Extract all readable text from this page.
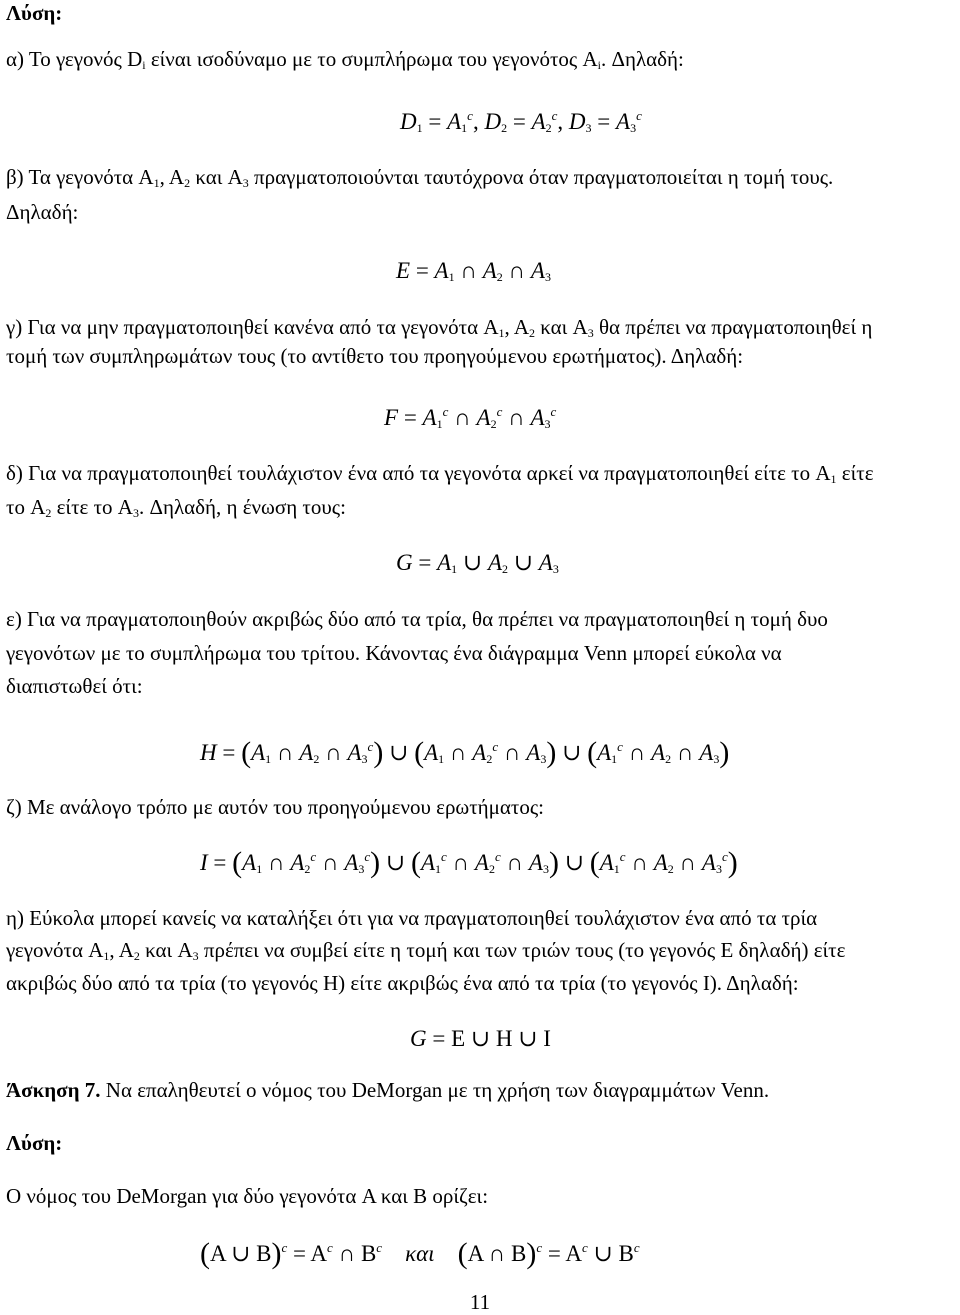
Λύση:
α) Το γεγονός $D_i$ είναι ισοδύναμο με το συμπλήρωμα του γεγονότος $A_i$. Δηλαδή:
$D_1 = A_1^c$, $D_2 = A_2^c$, $D_3 = A_3^c$
β) Τα γεγονότα $A_1$, $A_2$ και $A_3$ πραγματοποιούνται ταυτόχρονα όταν πραγματοποιείται η τομή τους.
Δηλαδή:
$E = A_1$ ∩ $A_2$ ∩ $A_3$
γ) Για να μην πραγματοποιηθεί κανένα από τα γεγονότα $A_1$, $A_2$ και $A_3$ θα πρέπει να πραγματοποιηθεί η
τομή των συμπληρωμάτων τους (το αντίθετο του προηγούμενου ερωτήματος). Δηλαδή:
$F = A_1^c$ ∩ $A_2^c$ ∩ $A_3^c$
δ) Για να πραγματοποιηθεί τουλάχιστον ένα από τα γεγονότα αρκεί να πραγματοποιηθεί είτε το $A_1$ είτε
το $A_2$ είτε το $A_3$. Δηλαδή, η ένωση τους:
$G = A_1$ ∪ $A_2$ ∪ $A_3$
ε) Για να πραγματοποιηθούν ακριβώς δύο από τα τρία, θα πρέπει να πραγματοποιηθεί η τομή δυο
γεγονότων με το συμπλήρωμα του τρίτου. Κάνοντας ένα διάγραμμα Venn μπορεί εύκολα να
διαπιστωθεί ότι:
$H = (A_1$ ∩ $A_2$ ∩ $A_3^c$) ∪ ($A_1$ ∩ $A_2^c$ ∩ $A_3$) ∪ ($A_1^c$ ∩ $A_2$ ∩ $A_3$)
ζ) Με ανάλογο τρόπο με αυτόν του προηγούμενου ερωτήματος:
$I = (A_1$ ∩ $A_2^c$ ∩ $A_3^c$) ∪ ($A_1^c$ ∩ $A_2^c$ ∩ $A_3$) ∪ ($A_1^c$ ∩ $A_2$ ∩ $A_3^c$)
η) Εύκολα μπορεί κανείς να καταλήξει ότι για να πραγματοποιηθεί τουλάχιστον ένα από τα τρία
γεγονότα $A_1$, $A_2$ και $A_3$ πρέπει να συμβεί είτε η τομή και των τριών τους (το γεγονός Ε δηλαδή) είτε
ακριβώς δύο από τα τρία (το γεγονός Η) είτε ακριβώς ένα από τα τρία (το γεγονός Ι). Δηλαδή:
G = Ε ∪ Η ∪ Ι
Άσκηση 7. Να επαληθευτεί ο νόμος του DeMorgan με τη χρήση των διαγραμμάτων Venn.
Λύση:
Ο νόμος του DeMorgan για δύο γεγονότα A και B ορίζει:
(A ∪ $B)^c = A^c$ ∩ $B^c$ και (A ∩ $B)^c = A^c$ ∪ $B^c$
11
